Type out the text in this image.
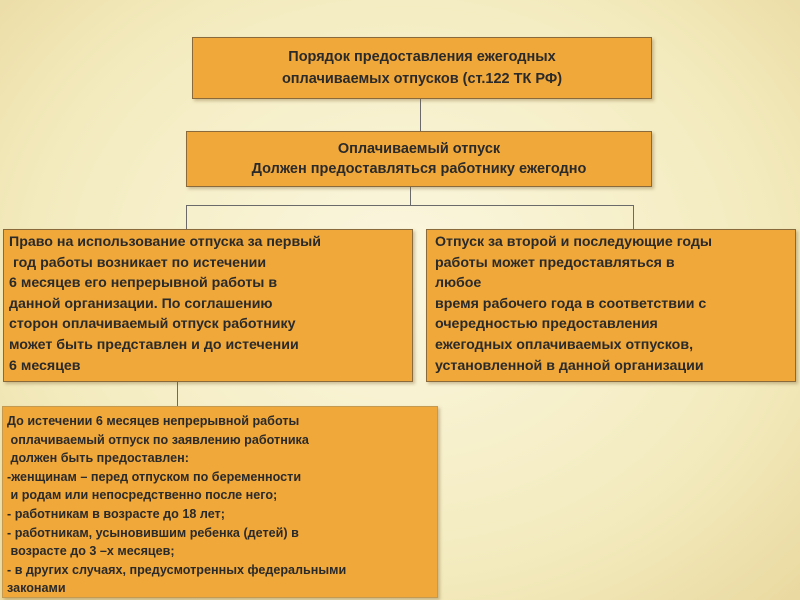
Порядок предоставления ежегодных
оплачиваемых отпусков (ст.122 ТК РФ)
Оплачиваемый отпуск
Должен предоставляться работнику ежегодно
Право на использование отпуска за первый
год работы возникает по истечении
6 месяцев его непрерывной работы в
данной организации. По соглашению
сторон оплачиваемый отпуск работнику
может быть представлен и до истечении
6 месяцев
Отпуск за второй и последующие годы
работы может предоставляться в
любое
время рабочего года в соответствии с
очередностью предоставления
ежегодных оплачиваемых отпусков,
установленной в данной организации
До истечении 6 месяцев непрерывной работы
оплачиваемый отпуск по заявлению работника
должен быть предоставлен:
-женщинам – перед отпуском по беременности
и родам или непосредственно после него;
- работникам в возрасте до 18 лет;
- работникам, усыновившим ребенка (детей) в
возрасте до 3 –х месяцев;
- в других случаях, предусмотренных федеральными
законами
